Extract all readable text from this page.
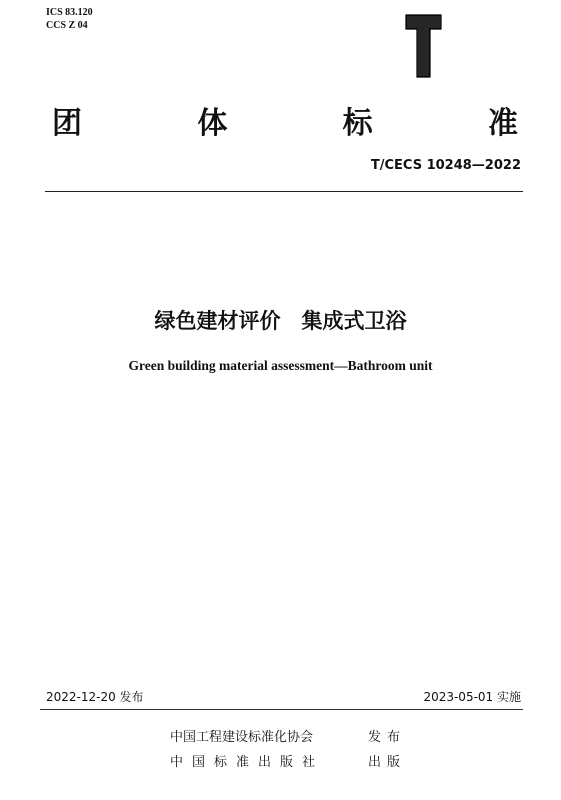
ICS 83.120
CCS Z 04
团	体	标	准
T/CECS 10248—2022
绿色建材评价　集成式卫浴
Green building material assessment—Bathroom unit
2022-12-20 发布	2023-05-01 实施
中国工程建设标准化协会	发布
中国标准出版社	出版
